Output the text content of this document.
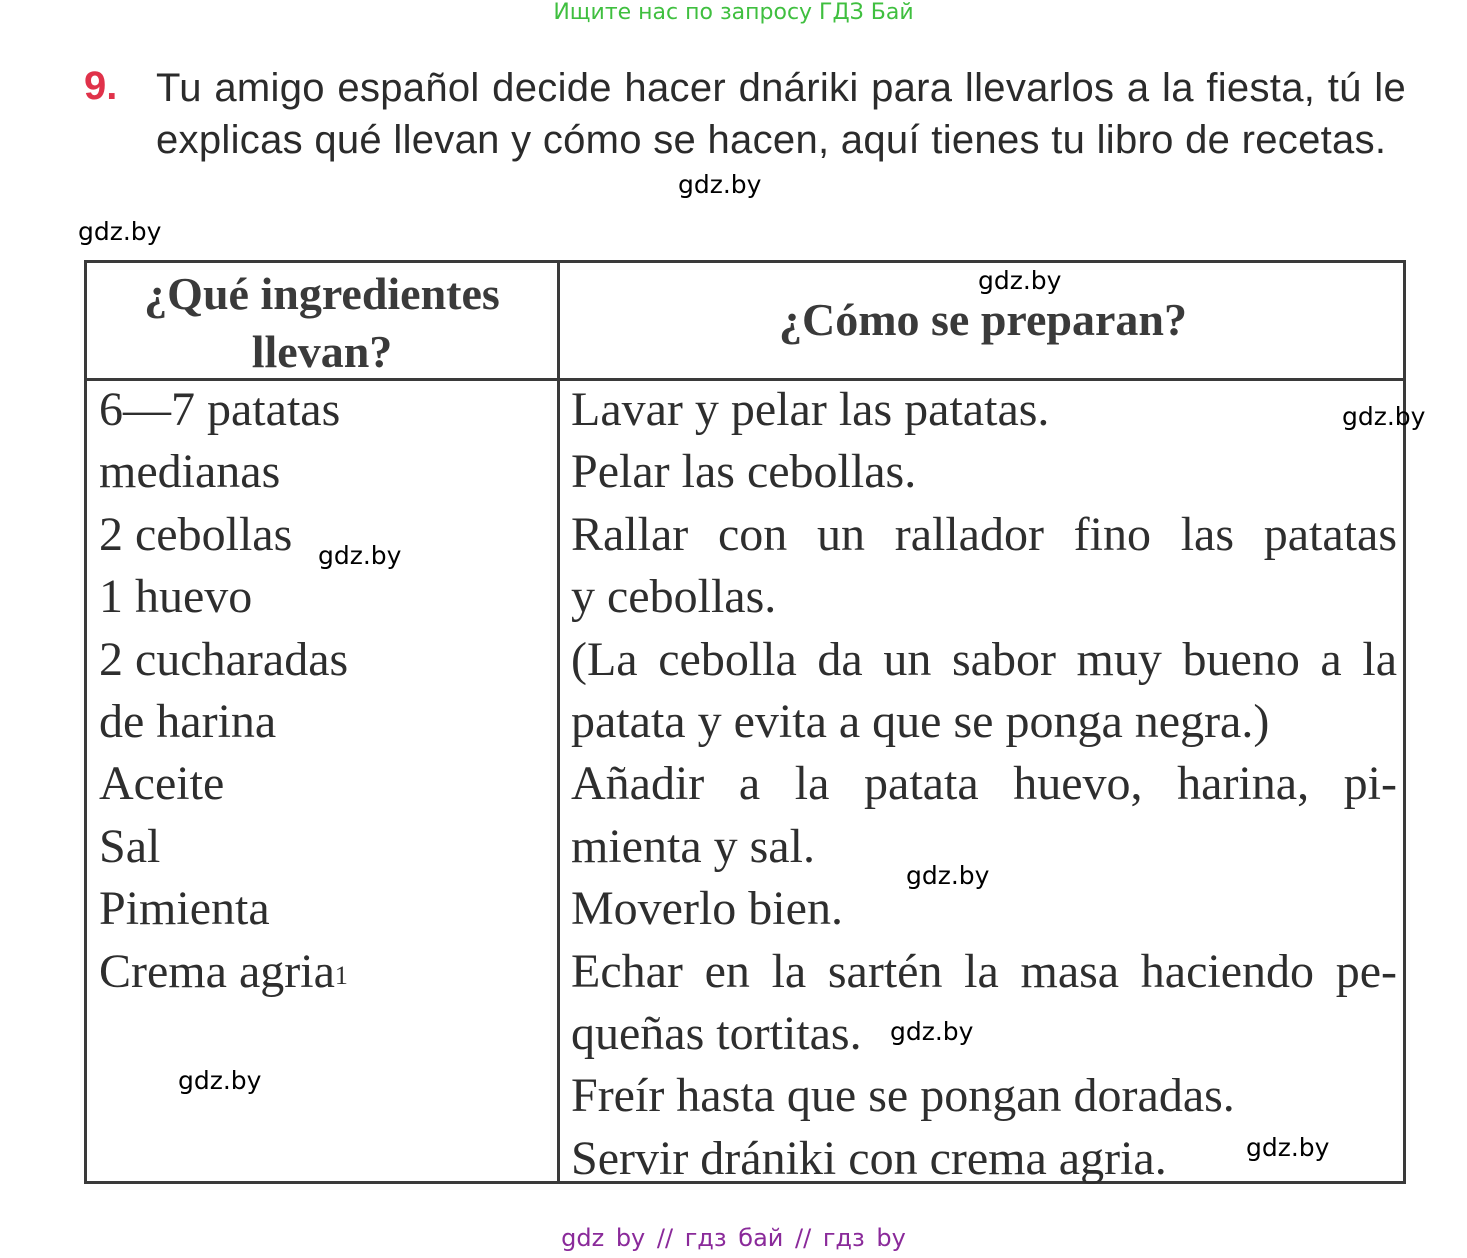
Ищите нас по запросу ГДЗ Бай
9. Tu amigo español decide hacer dnáriki para llevarlos a la fiesta, tú le explicas qué llevan y cómo se hacen, aquí tienes tu libro de recetas.
gdz.by
gdz.by
¿Qué ingredientes llevan?
¿Cómo se preparan?
6—7 patatas
medianas
2 cebollas
1 huevo
2 cucharadas
de harina
Aceite
Sal
Pimienta
Crema agria$^1$
Lavar y pelar las patatas.
Pelar las cebollas.
Rallar con un rallador fino las patatas
y cebollas.
(La cebolla da un sabor muy bueno a la
patata y evita a que se ponga negra.)
Añadir a la patata huevo, harina, pi-
mienta y sal.
Moverlo bien.
Echar en la sartén la masa haciendo pe-
queñas tortitas.
Freír hasta que se pongan doradas.
Servir drániki con crema agria.
gdz.by
gdz.by
gdz.by
gdz.by
gdz.by
gdz.by
gdz.by
gdz by // гдз бай // гдз by
